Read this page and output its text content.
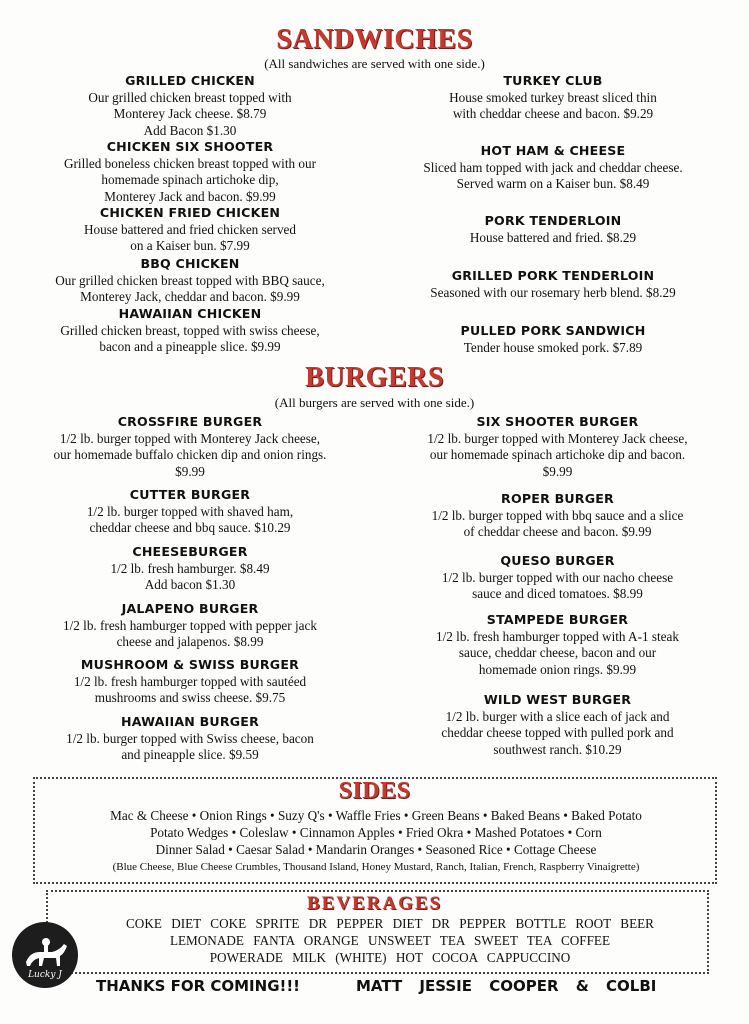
SANDWICHES
(All sandwiches are served with one side.)
GRILLED CHICKEN
Our grilled chicken breast topped with
Monterey Jack cheese. $8.79
Add Bacon $1.30
CHICKEN SIX SHOOTER
Grilled boneless chicken breast topped with our
homemade spinach artichoke dip,
Monterey Jack and bacon. $9.99
CHICKEN FRIED CHICKEN
House battered and fried chicken served
on a Kaiser bun. $7.99
BBQ CHICKEN
Our grilled chicken breast topped with BBQ sauce,
Monterey Jack, cheddar and bacon. $9.99
HAWAIIAN CHICKEN
Grilled chicken breast, topped with swiss cheese,
bacon and a pineapple slice. $9.99
TURKEY CLUB
House smoked turkey breast sliced thin
with cheddar cheese and bacon. $9.29
HOT HAM & CHEESE
Sliced ham topped with jack and cheddar cheese.
Served warm on a Kaiser bun. $8.49
PORK TENDERLOIN
House battered and fried. $8.29
GRILLED PORK TENDERLOIN
Seasoned with our rosemary herb blend. $8.29
PULLED PORK SANDWICH
Tender house smoked pork. $7.89
BURGERS
(All burgers are served with one side.)
CROSSFIRE BURGER
1/2 lb. burger topped with Monterey Jack cheese,
our homemade buffalo chicken dip and onion rings.
$9.99
CUTTER BURGER
1/2 lb. burger topped with shaved ham,
cheddar cheese and bbq sauce. $10.29
CHEESEBURGER
1/2 lb. fresh hamburger. $8.49
Add bacon $1.30
JALAPENO BURGER
1/2 lb. fresh hamburger topped with pepper jack
cheese and jalapenos. $8.99
MUSHROOM & SWISS BURGER
1/2 lb. fresh hamburger topped with sautéed
mushrooms and swiss cheese. $9.75
HAWAIIAN BURGER
1/2 lb. burger topped with Swiss cheese, bacon
and pineapple slice. $9.59
SIX SHOOTER BURGER
1/2 lb. burger topped with Monterey Jack cheese,
our homemade spinach artichoke dip and bacon.
$9.99
ROPER BURGER
1/2 lb. burger topped with bbq sauce and a slice
of cheddar cheese and bacon. $9.99
QUESO BURGER
1/2 lb. burger topped with our nacho cheese
sauce and diced tomatoes. $8.99
STAMPEDE BURGER
1/2 lb. fresh hamburger topped with A-1 steak
sauce, cheddar cheese, bacon and our
homemade onion rings. $9.99
WILD WEST BURGER
1/2 lb. burger with a slice each of jack and
cheddar cheese topped with pulled pork and
southwest ranch. $10.29
SIDES
Mac & Cheese • Onion Rings • Suzy Q's • Waffle Fries • Green Beans • Baked Beans • Baked Potato
Potato Wedges • Coleslaw • Cinnamon Apples • Fried Okra • Mashed Potatoes • Corn
Dinner Salad • Caesar Salad • Mandarin Oranges • Seasoned Rice • Cottage Cheese
(Blue Cheese, Blue Cheese Crumbles, Thousand Island, Honey Mustard, Ranch, Italian, French, Raspberry Vinaigrette)
BEVERAGES
COKE DIET COKE SPRITE DR PEPPER DIET DR PEPPER BOTTLE ROOT BEER
LEMONADE FANTA ORANGE UNSWEET TEA SWEET TEA COFFEE
POWERADE MILK (WHITE) HOT COCOA CAPPUCCINO
Lucky J
THANKS FOR COMING!!!	MATT JESSIE COOPER & COLBI
